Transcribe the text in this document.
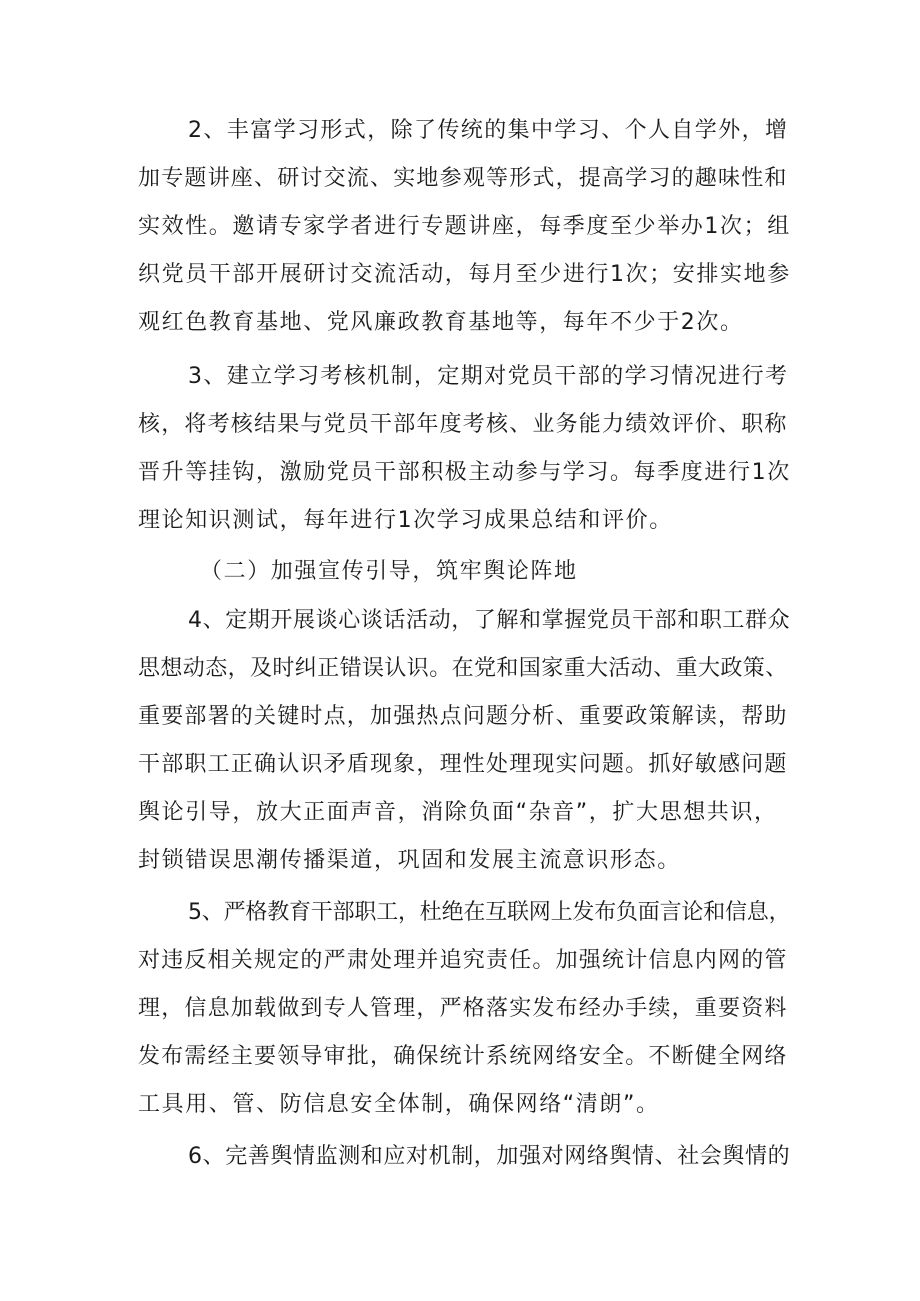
2、丰富学习形式，除了传统的集中学习、个人自学外，增
加专题讲座、研讨交流、实地参观等形式，提高学习的趣味性和
实效性。邀请专家学者进行专题讲座，每季度至少举办1次；组
织党员干部开展研讨交流活动，每月至少进行1次；安排实地参
观红色教育基地、党风廉政教育基地等，每年不少于2次。
3、建立学习考核机制，定期对党员干部的学习情况进行考
核，将考核结果与党员干部年度考核、业务能力绩效评价、职称
晋升等挂钩，激励党员干部积极主动参与学习。每季度进行1次
理论知识测试，每年进行1次学习成果总结和评价。
（二）加强宣传引导，筑牢舆论阵地
4、定期开展谈心谈话活动，了解和掌握党员干部和职工群众
思想动态，及时纠正错误认识。在党和国家重大活动、重大政策、
重要部署的关键时点，加强热点问题分析、重要政策解读，帮助
干部职工正确认识矛盾现象，理性处理现实问题。抓好敏感问题
舆论引导，放大正面声音，消除负面“杂音”，扩大思想共识，
封锁错误思潮传播渠道，巩固和发展主流意识形态。
5、严格教育干部职工，杜绝在互联网上发布负面言论和信息，
对违反相关规定的严肃处理并追究责任。加强统计信息内网的管
理，信息加载做到专人管理，严格落实发布经办手续，重要资料
发布需经主要领导审批，确保统计系统网络安全。不断健全网络
工具用、管、防信息安全体制，确保网络“清朗”。
6、完善舆情监测和应对机制，加强对网络舆情、社会舆情的
